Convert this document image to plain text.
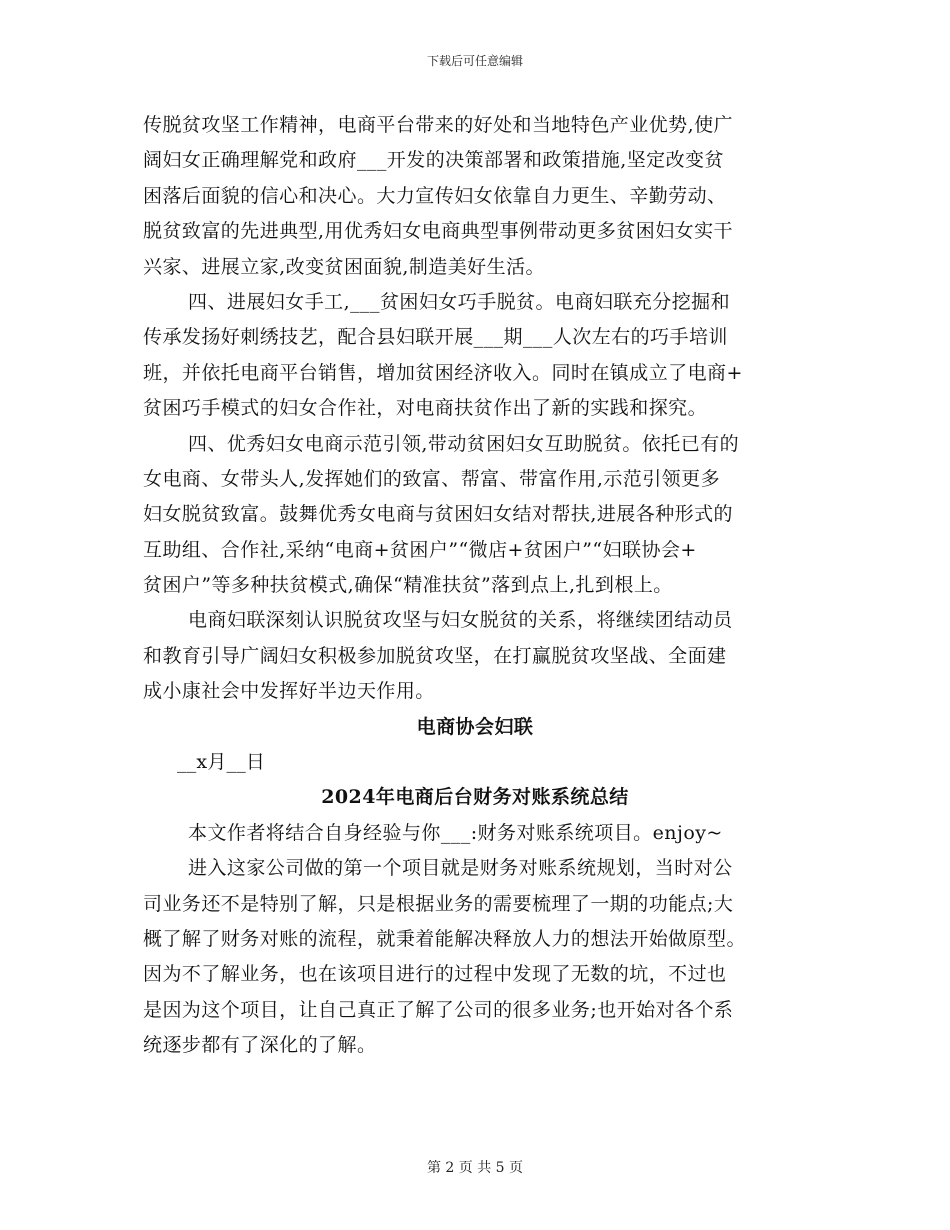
下载后可任意编辑
传脱贫攻坚工作精神，电商平台带来的好处和当地特色产业优势,使广
阔妇女正确理解党和政府___开发的决策部署和政策措施,坚定改变贫
困落后面貌的信心和决心。大力宣传妇女依靠自力更生、辛勤劳动、
脱贫致富的先进典型,用优秀妇女电商典型事例带动更多贫困妇女实干
兴家、进展立家,改变贫困面貌,制造美好生活。
四、进展妇女手工,___贫困妇女巧手脱贫。电商妇联充分挖掘和
传承发扬好刺绣技艺，配合县妇联开展___期___人次左右的巧手培训
班，并依托电商平台销售，增加贫困经济收入。同时在镇成立了电商+
贫困巧手模式的妇女合作社，对电商扶贫作出了新的实践和探究。
四、优秀妇女电商示范引领,带动贫困妇女互助脱贫。依托已有的
女电商、女带头人,发挥她们的致富、帮富、带富作用,示范引领更多
妇女脱贫致富。鼓舞优秀女电商与贫困妇女结对帮扶,进展各种形式的
互助组、合作社,采纳“电商+贫困户”“微店+贫困户”“妇联协会+
贫困户”等多种扶贫模式,确保“精准扶贫”落到点上,扎到根上。
电商妇联深刻认识脱贫攻坚与妇女脱贫的关系，将继续团结动员
和教育引导广阔妇女积极参加脱贫攻坚，在打赢脱贫攻坚战、全面建
成小康社会中发挥好半边天作用。
电商协会妇联
__x月__日
2024年电商后台财务对账系统总结
本文作者将结合自身经验与你___:财务对账系统项目。enjoy~
进入这家公司做的第一个项目就是财务对账系统规划，当时对公
司业务还不是特别了解，只是根据业务的需要梳理了一期的功能点;大
概了解了财务对账的流程，就秉着能解决释放人力的想法开始做原型。
因为不了解业务，也在该项目进行的过程中发现了无数的坑，不过也
是因为这个项目，让自己真正了解了公司的很多业务;也开始对各个系
统逐步都有了深化的了解。
第 2 页 共 5 页
